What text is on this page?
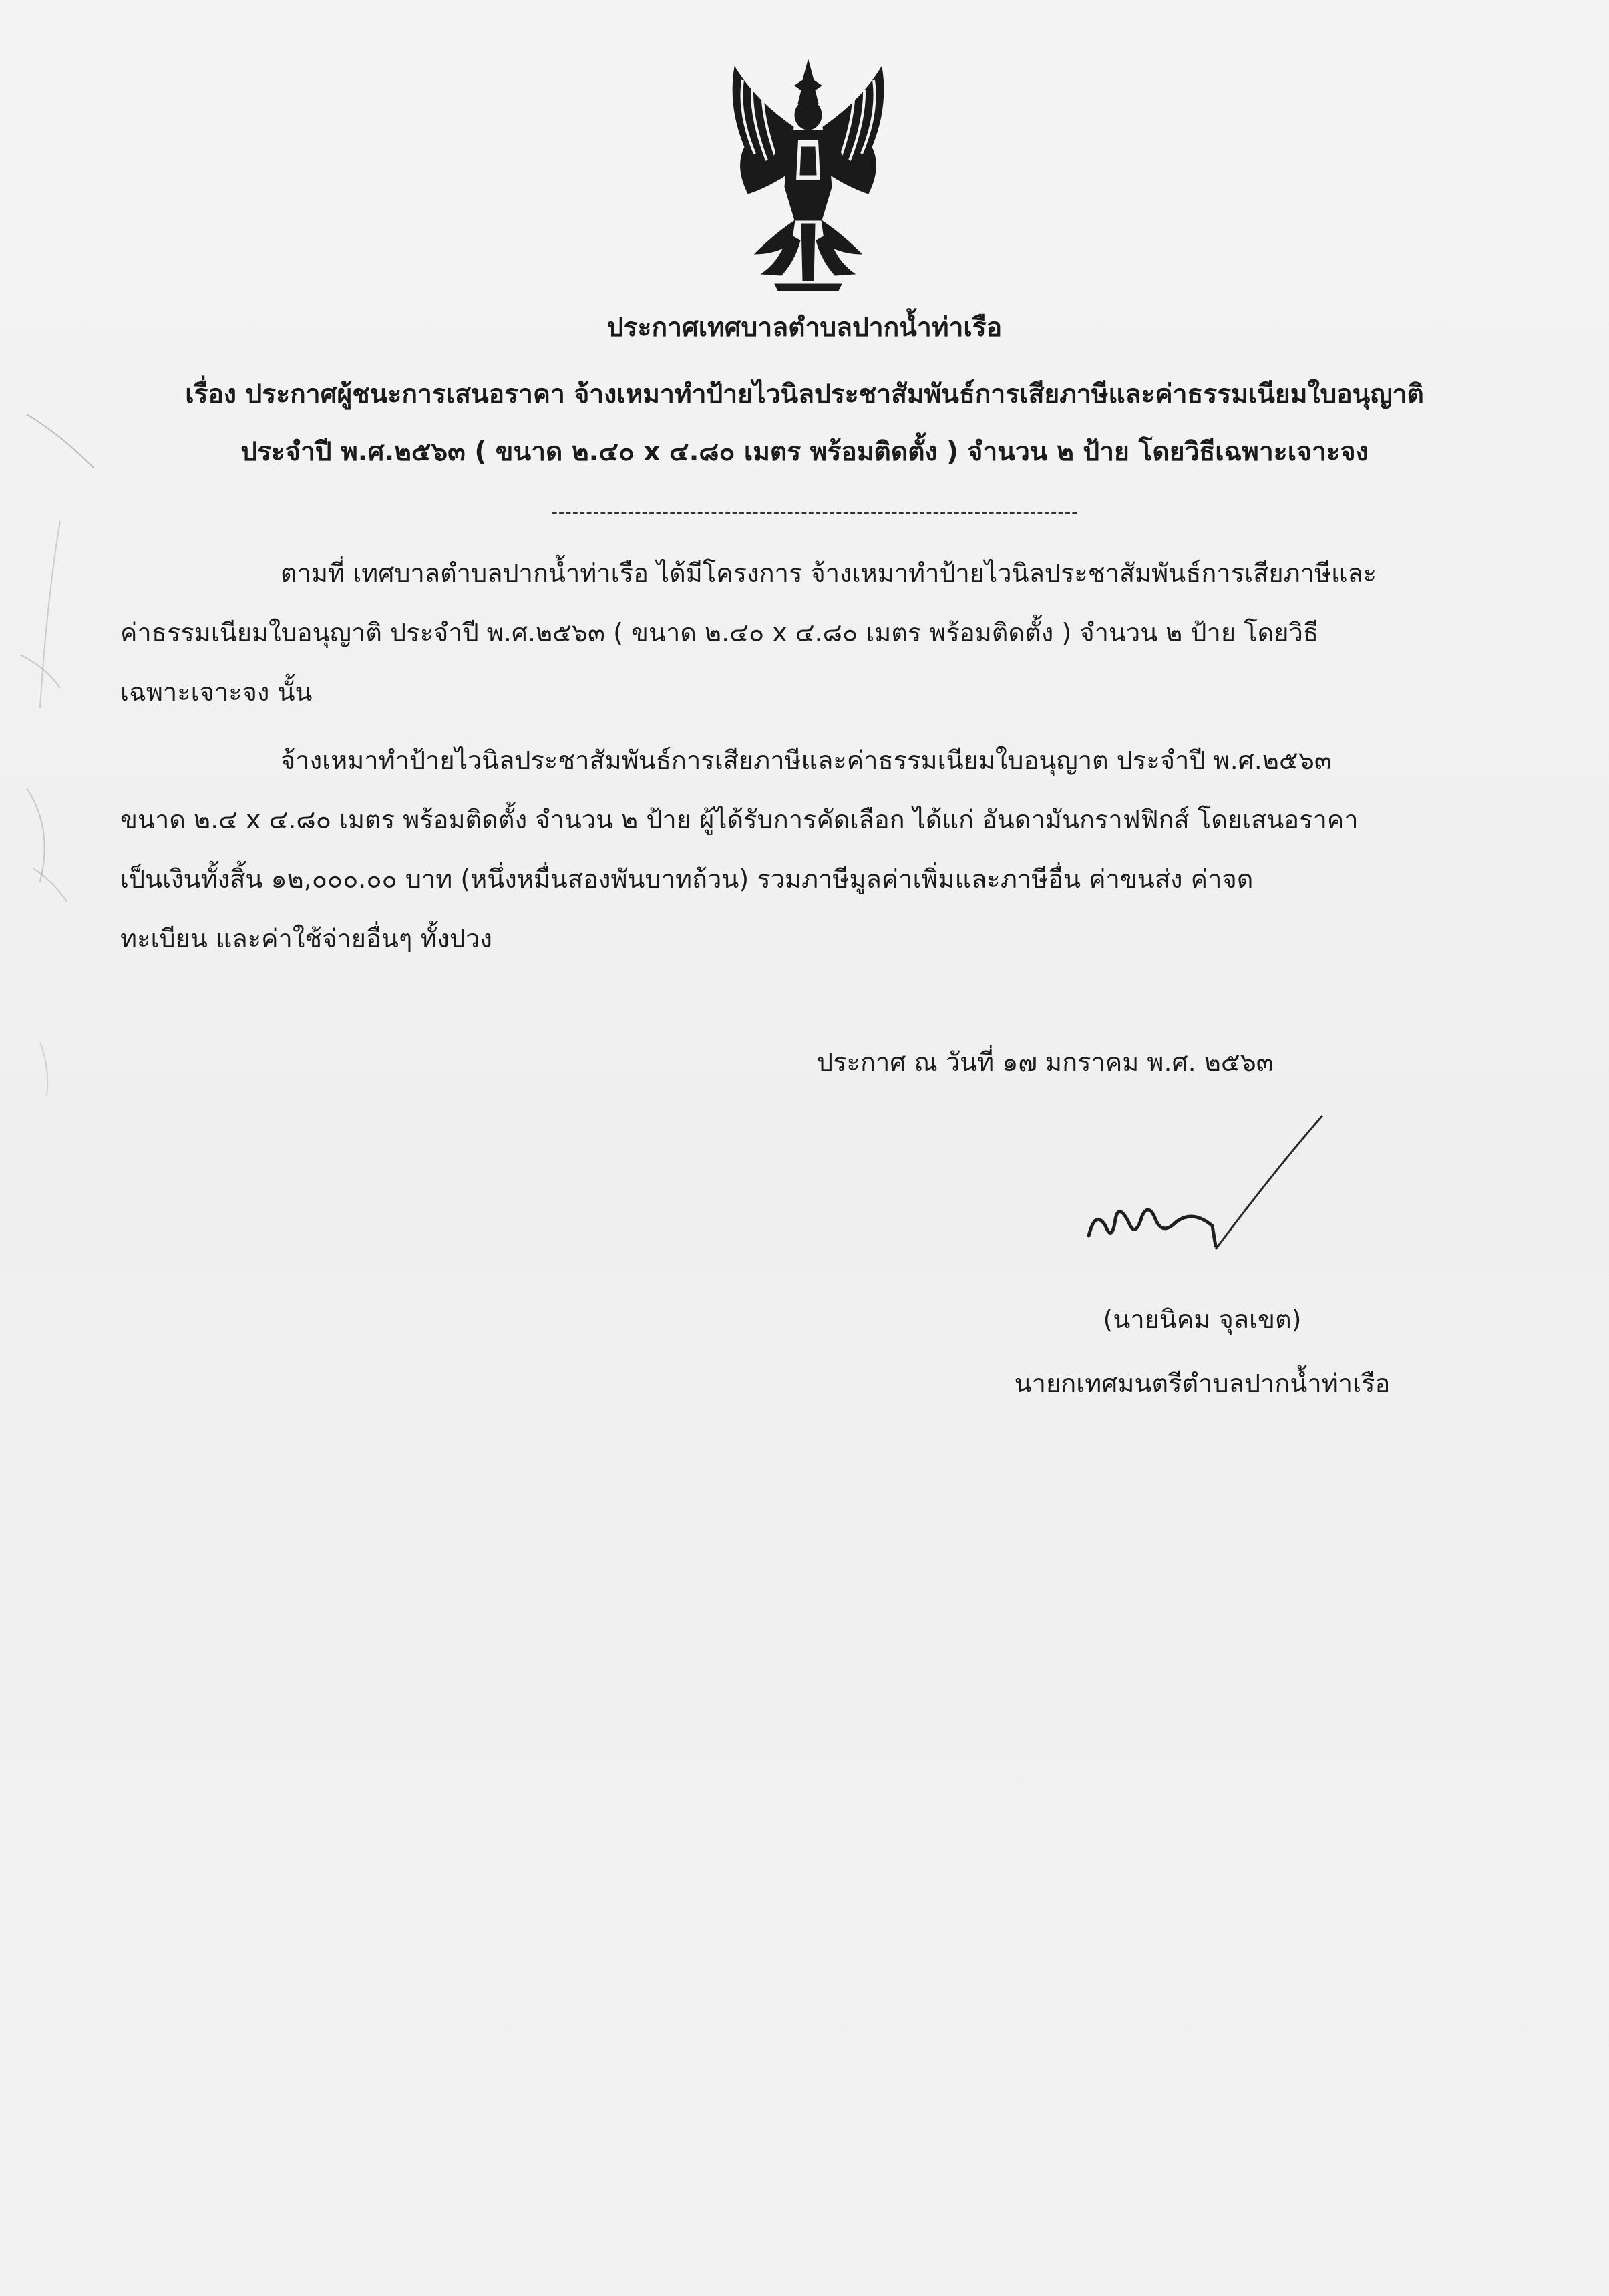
ประกาศเทศบาลตำบลปากน้ำท่าเรือ
เรื่อง ประกาศผู้ชนะการเสนอราคา จ้างเหมาทำป้ายไวนิลประชาสัมพันธ์การเสียภาษีและค่าธรรมเนียมใบอนุญาติ
ประจำปี พ.ศ.๒๕๖๓ ( ขนาด ๒.๔๐ x ๔.๘๐ เมตร พร้อมติดตั้ง ) จำนวน ๒ ป้าย โดยวิธีเฉพาะเจาะจง
----------------------------------------------------------------------------
ตามที่ เทศบาลตำบลปากน้ำท่าเรือ ได้มีโครงการ จ้างเหมาทำป้ายไวนิลประชาสัมพันธ์การเสียภาษีและ
ค่าธรรมเนียมใบอนุญาติ ประจำปี พ.ศ.๒๕๖๓ ( ขนาด ๒.๔๐ x ๔.๘๐ เมตร พร้อมติดตั้ง ) จำนวน ๒ ป้าย โดยวิธี
เฉพาะเจาะจง นั้น
จ้างเหมาทำป้ายไวนิลประชาสัมพันธ์การเสียภาษีและค่าธรรมเนียมใบอนุญาต ประจำปี พ.ศ.๒๕๖๓
ขนาด ๒.๔ x ๔.๘๐ เมตร พร้อมติดตั้ง จำนวน ๒ ป้าย ผู้ได้รับการคัดเลือก ได้แก่ อันดามันกราฟฟิกส์ โดยเสนอราคา
เป็นเงินทั้งสิ้น ๑๒,๐๐๐.๐๐ บาท (หนึ่งหมื่นสองพันบาทถ้วน) รวมภาษีมูลค่าเพิ่มและภาษีอื่น ค่าขนส่ง ค่าจด
ทะเบียน และค่าใช้จ่ายอื่นๆ ทั้งปวง
ประกาศ ณ วันที่ ๑๗ มกราคม พ.ศ. ๒๕๖๓
(นายนิคม จุลเขต)
นายกเทศมนตรีตำบลปากน้ำท่าเรือ
